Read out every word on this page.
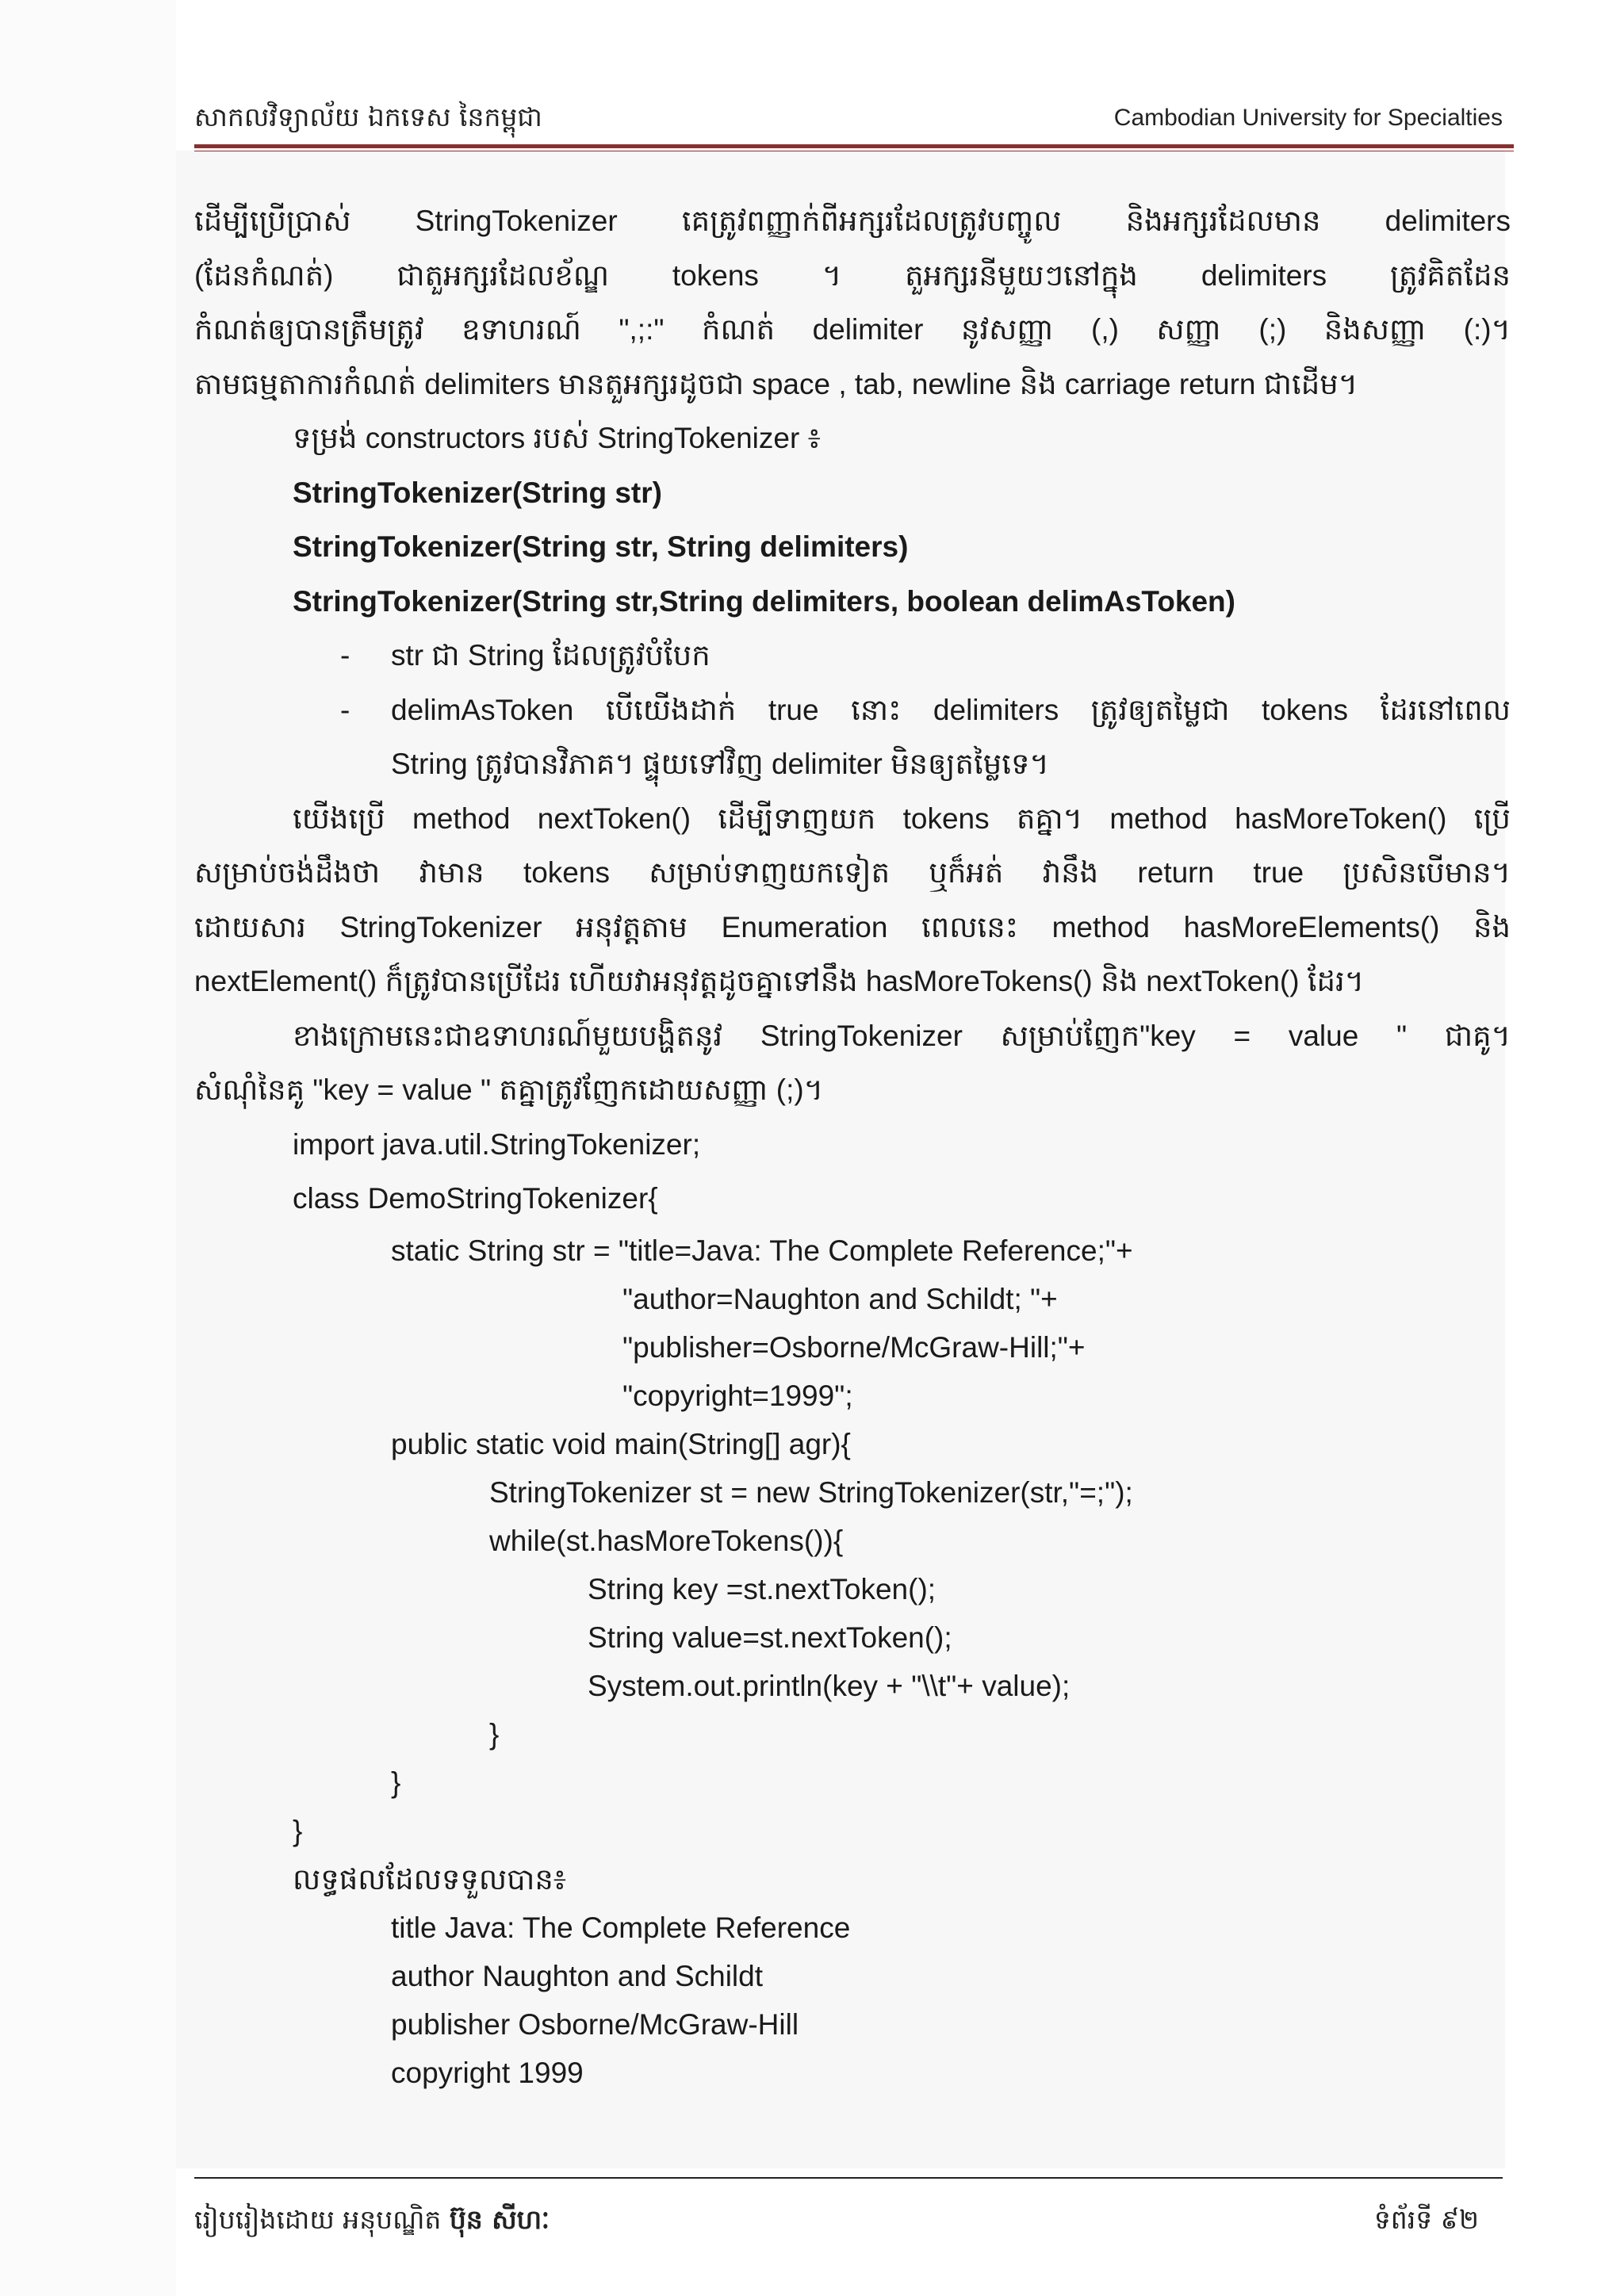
សាកលវិទ្យាល័យ ឯកទេស នៃកម្ពុជា	Cambodian University for Specialties
ដើម្បីប្រើប្រាស់ StringTokenizer គេត្រូវពញ្ញាក់ពីអក្សរដែលត្រូវបញ្ចូល និងអក្សរដែលមាន delimiters
(ដែនកំណត់) ជាតួអក្សរដែលខ័ណ្ឌ tokens ។ តួអក្សរនីមួយៗនៅក្នុង delimiters ត្រូវគិតដែន
កំណត់ឲ្យបានត្រឹមត្រូវ ឧទាហរណ៍ ",;:" កំណត់ delimiter នូវសញ្ញា (,) សញ្ញា (;) និងសញ្ញា (:)។
តាមធម្មតាការកំណត់ delimiters មានតួអក្សរដូចជា space , tab, newline និង carriage return ជាដើម។
ទម្រង់ constructors របស់ StringTokenizer ៖
StringTokenizer(String str)
StringTokenizer(String str, String delimiters)
StringTokenizer(String str,String delimiters, boolean delimAsToken)
- str ជា String ដែលត្រូវបំបែក
- delimAsToken បើយើងដាក់ true នោះ delimiters ត្រូវឲ្យតម្លៃជា tokens ដែរនៅពេល
String ត្រូវបានវិភាគ។ ផ្ទុយទៅវិញ delimiter មិនឲ្យតម្លៃទេ។
យើងប្រើ method nextToken() ដើម្បីទាញយក tokens តគ្នា។ method hasMoreToken() ប្រើ
សម្រាប់ចង់ដឹងថា វាមាន tokens សម្រាប់ទាញយកទៀត ឬក៏អត់ វានឹង return true ប្រសិនបើមាន។
ដោយសារ StringTokenizer អនុវត្តតាម Enumeration ពេលនេះ method hasMoreElements() និង
nextElement() ក៏ត្រូវបានប្រើដែរ ហើយវាអនុវត្តដូចគ្នាទៅនឹង hasMoreTokens() និង nextToken() ដែរ។
ខាងក្រោមនេះជាឧទាហរណ៍មួយបង្ហិតនូវ StringTokenizer សម្រាប់ញែក"key = value " ជាគូ។
សំណុំនៃគូ "key = value " តគ្នាត្រូវញែកដោយសញ្ញា (;)។
import java.util.StringTokenizer;
class DemoStringTokenizer{
static String str = "title=Java: The Complete Reference;"+
"author=Naughton and Schildt; "+
"publisher=Osborne/McGraw-Hill;"+
"copyright=1999";
public static void main(String[] agr){
StringTokenizer st = new StringTokenizer(str,"=;");
while(st.hasMoreTokens()){
String key =st.nextToken();
String value=st.nextToken();
System.out.println(key + "\\t"+ value);
}
}
}
លទ្ធផលដែលទទួលបាន៖
title Java: The Complete Reference
author Naughton and Schildt
publisher Osborne/McGraw-Hill
copyright 1999
រៀបរៀងដោយ អនុបណ្ឌិត ប៊ុន សីហៈ	ទំព័រទី ៩២
